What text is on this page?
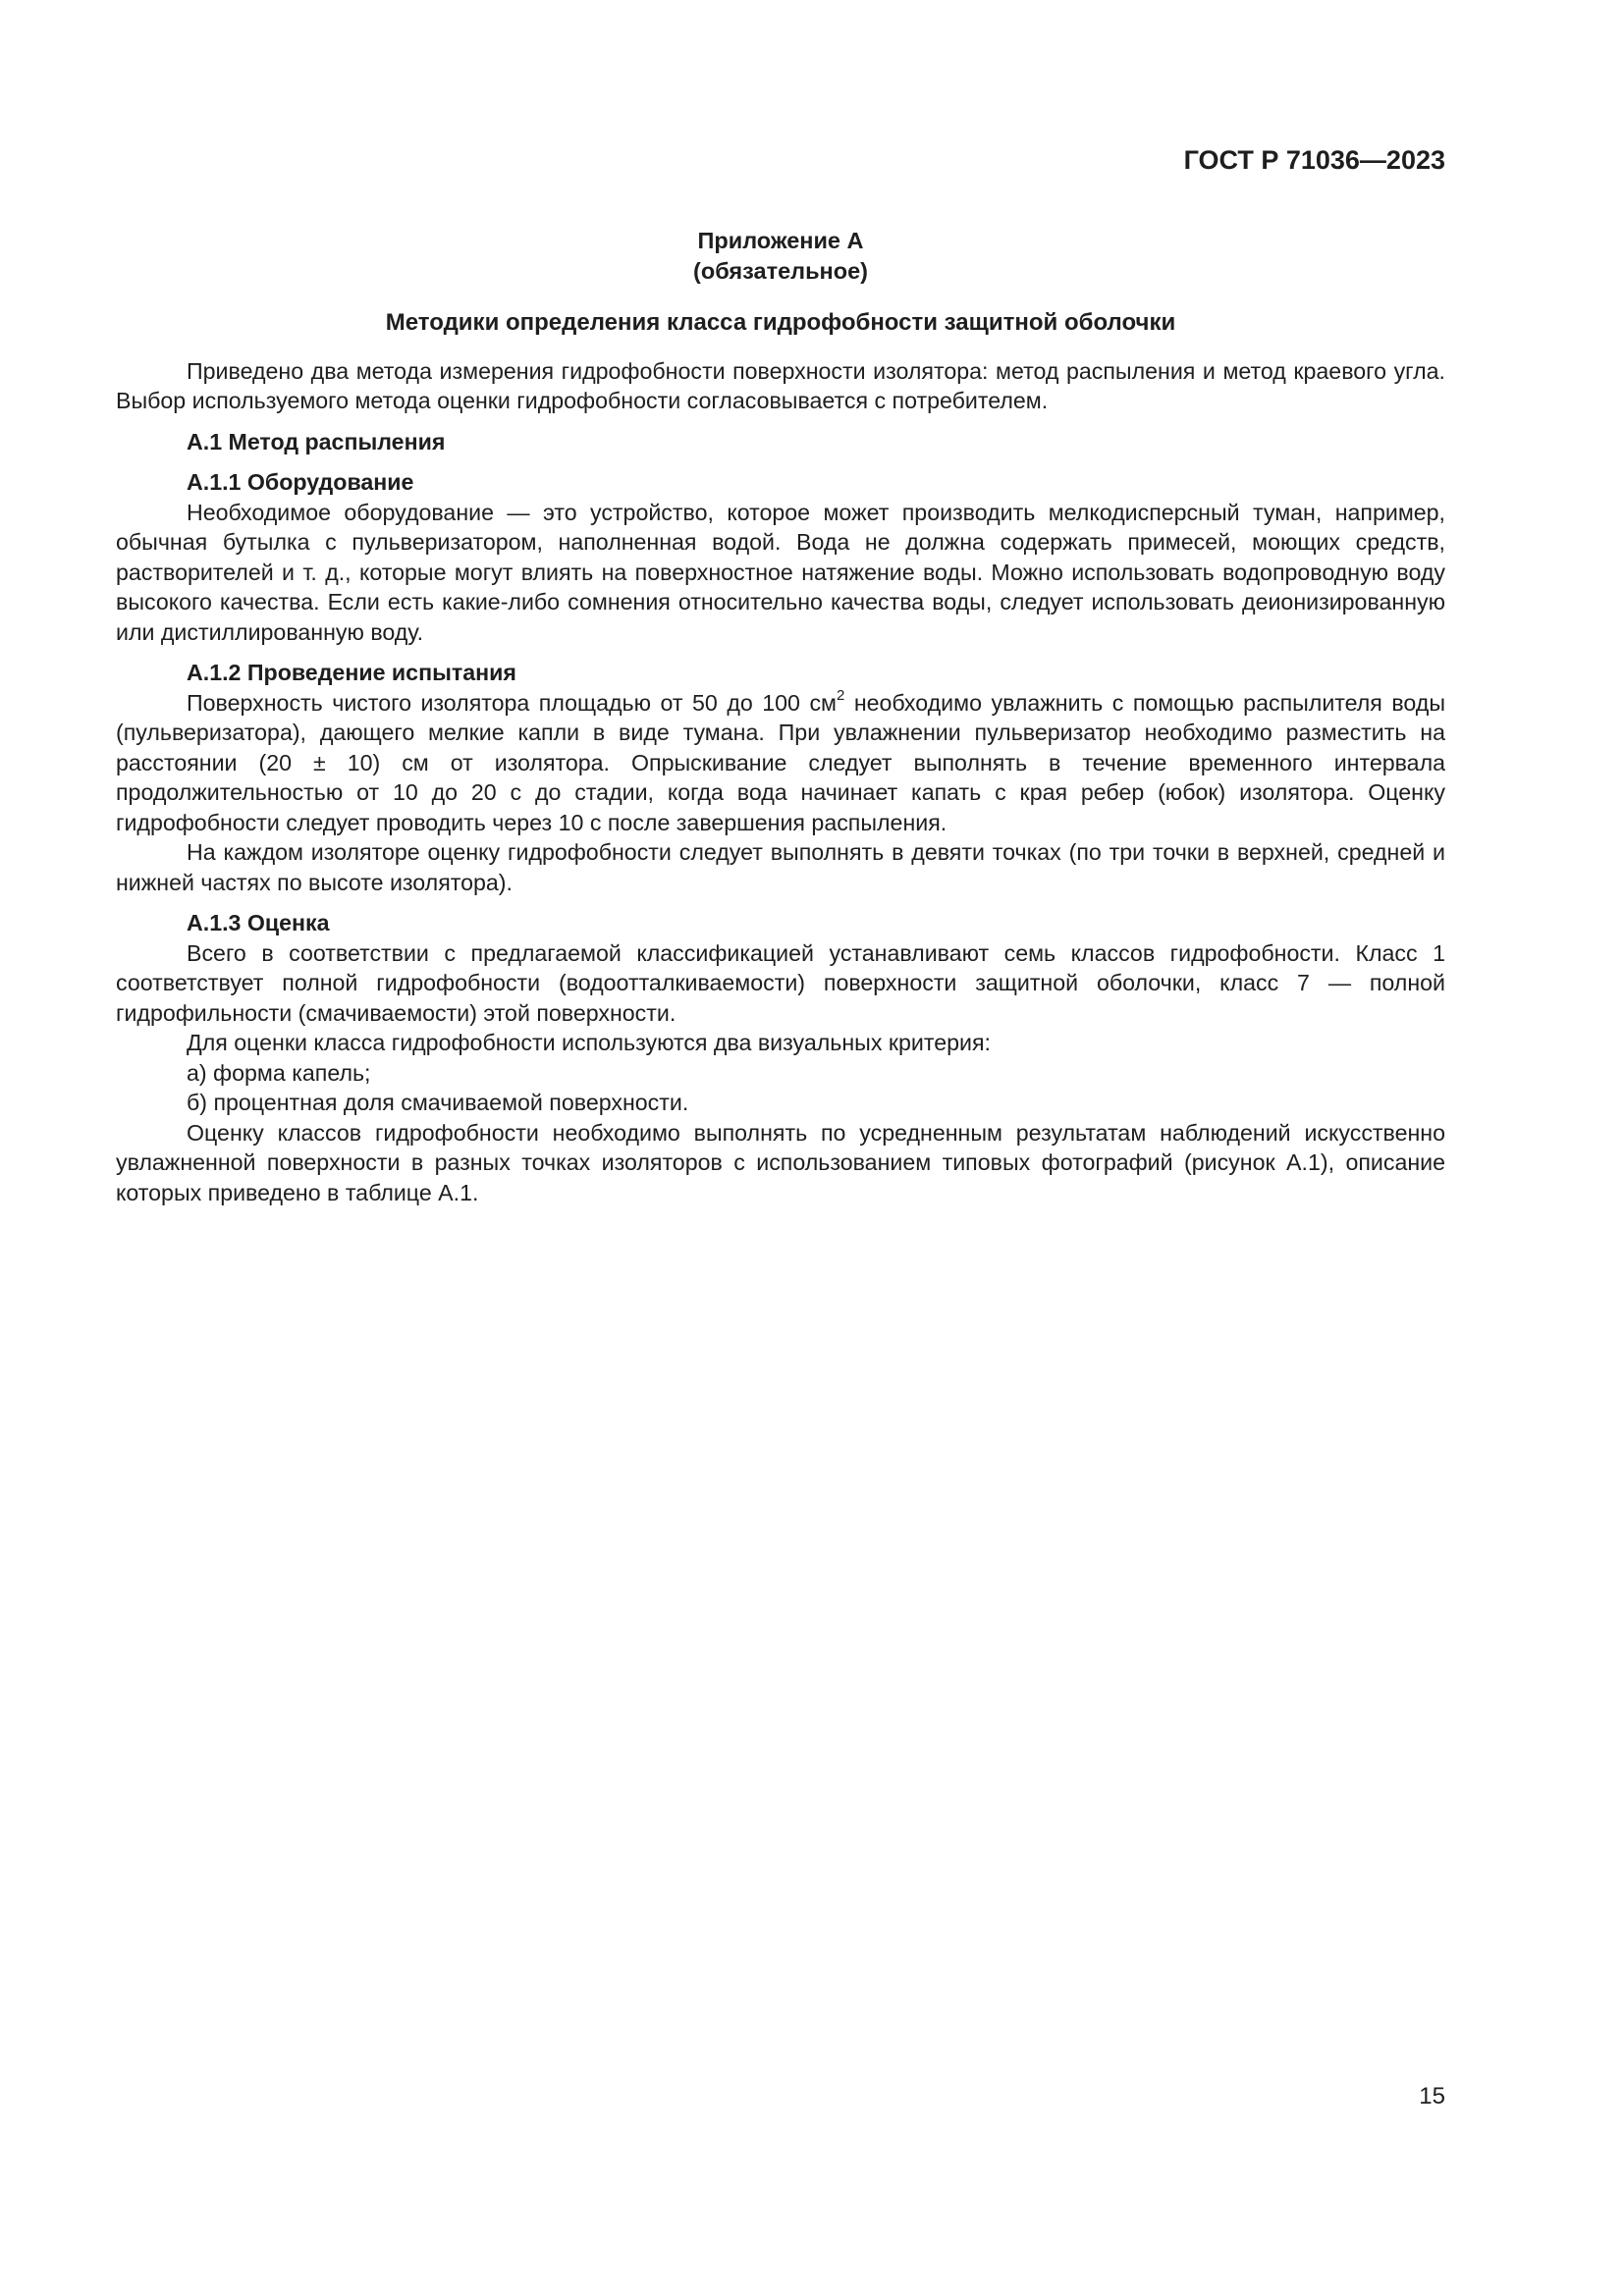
ГОСТ Р 71036—2023

Приложение А

(обязательное)

Методики определения класса гидрофобности защитной оболочки

Приведено два метода измерения гидрофобности поверхности изолятора: метод распыления и метод краевого угла. Выбор используемого метода оценки гидрофобности согласовывается с потребителем.

А.1 Метод распыления

А.1.1 Оборудование

Необходимое оборудование — это устройство, которое может производить мелкодисперсный туман, например, обычная бутылка с пульверизатором, наполненная водой. Вода не должна содержать примесей, моющих средств, растворителей и т. д., которые могут влиять на поверхностное натяжение воды. Можно использовать водопроводную воду высокого качества. Если есть какие-либо сомнения относительно качества воды, следует использовать деионизированную или дистиллированную воду.

А.1.2 Проведение испытания

Поверхность чистого изолятора площадью от 50 до 100 $см^2$ необходимо увлажнить с помощью распылителя воды (пульверизатора), дающего мелкие капли в виде тумана. При увлажнении пульверизатор необходимо разместить на расстоянии (20 ± 10) см от изолятора. Опрыскивание следует выполнять в течение временного интервала продолжительностью от 10 до 20 с до стадии, когда вода начинает капать с края ребер (юбок) изолятора. Оценку гидрофобности следует проводить через 10 с после завершения распыления.

На каждом изоляторе оценку гидрофобности следует выполнять в девяти точках (по три точки в верхней, средней и нижней частях по высоте изолятора).

А.1.3 Оценка

Всего в соответствии с предлагаемой классификацией устанавливают семь классов гидрофобности. Класс 1 соответствует полной гидрофобности (водоотталкиваемости) поверхности защитной оболочки, класс 7 — полной гидрофильности (смачиваемости) этой поверхности.

Для оценки класса гидрофобности используются два визуальных критерия:

а) форма капель;

б) процентная доля смачиваемой поверхности.

Оценку классов гидрофобности необходимо выполнять по усредненным результатам наблюдений искусственно увлажненной поверхности в разных точках изоляторов с использованием типовых фотографий (рисунок А.1), описание которых приведено в таблице А.1.

15
